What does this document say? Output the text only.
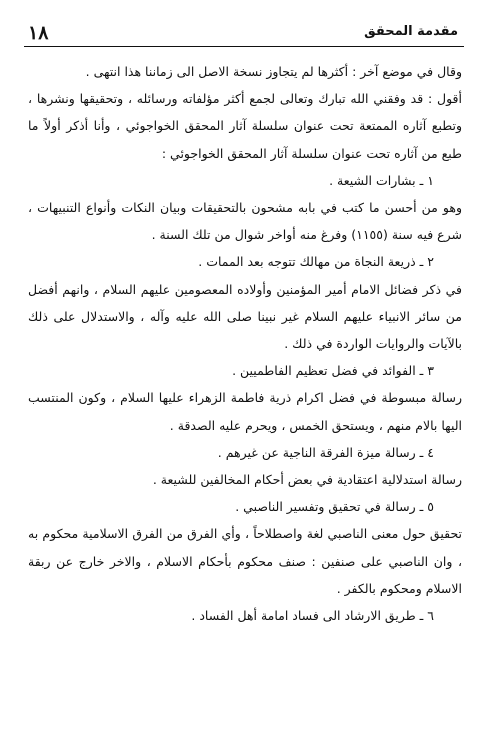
١٨	مقدمة المحقق

وقال في موضع آخر : أكثرها لم يتجاوز نسخة الاصل الى زماننا هذا انتهى .

أقول : قد وفقني الله تبارك وتعالى لجمع أكثر مؤلفاته ورسائله ، وتحقيقها ونشرها ، وتطبع آثاره الممتعة تحت عنوان سلسلة آثار المحقق الخواجوئي ، وأنا أذكر أولاً ما طبع من آثاره تحت عنوان سلسلة آثار المحقق الخواجوئي :

١ ـ بشارات الشيعة .

وهو من أحسن ما كتب في بابه مشحون بالتحقيقات وبيان النكات وأنواع التنبيهات ، شرع فيه سنة (١١٥٥) وفرغ منه أواخر شوال من تلك السنة .

٢ ـ ذريعة النجاة من مهالك تتوجه بعد الممات .

في ذكر فضائل الامام أمير المؤمنين وأولاده المعصومين عليهم السلام ، وانهم أفضل من سائر الانبياء عليهم السلام غير نبينا صلى الله عليه وآله ، والاستدلال على ذلك بالآيات والروايات الواردة في ذلك .

٣ ـ الفوائد في فضل تعظيم الفاطميين .

رسالة مبسوطة في فضل اكرام ذرية فاطمة الزهراء عليها السلام ، وكون المنتسب اليها بالام منهم ، ويستحق الخمس ، ويحرم عليه الصدقة .

٤ ـ رسالة ميزة الفرقة الناجية عن غيرهم .

رسالة استدلالية اعتقادية في بعض أحكام المخالفين للشيعة .

٥ ـ رسالة في تحقيق وتفسير الناصبي .

تحقيق حول معنى الناصبي لغة واصطلاحاً ، وأي الفرق من الفرق الاسلامية محكوم به ، وان الناصبي على صنفين : صنف محكوم بأحكام الاسلام ، والاخر خارج عن ربقة الاسلام ومحكوم بالكفر .

٦ ـ طريق الارشاد الى فساد امامة أهل الفساد .
